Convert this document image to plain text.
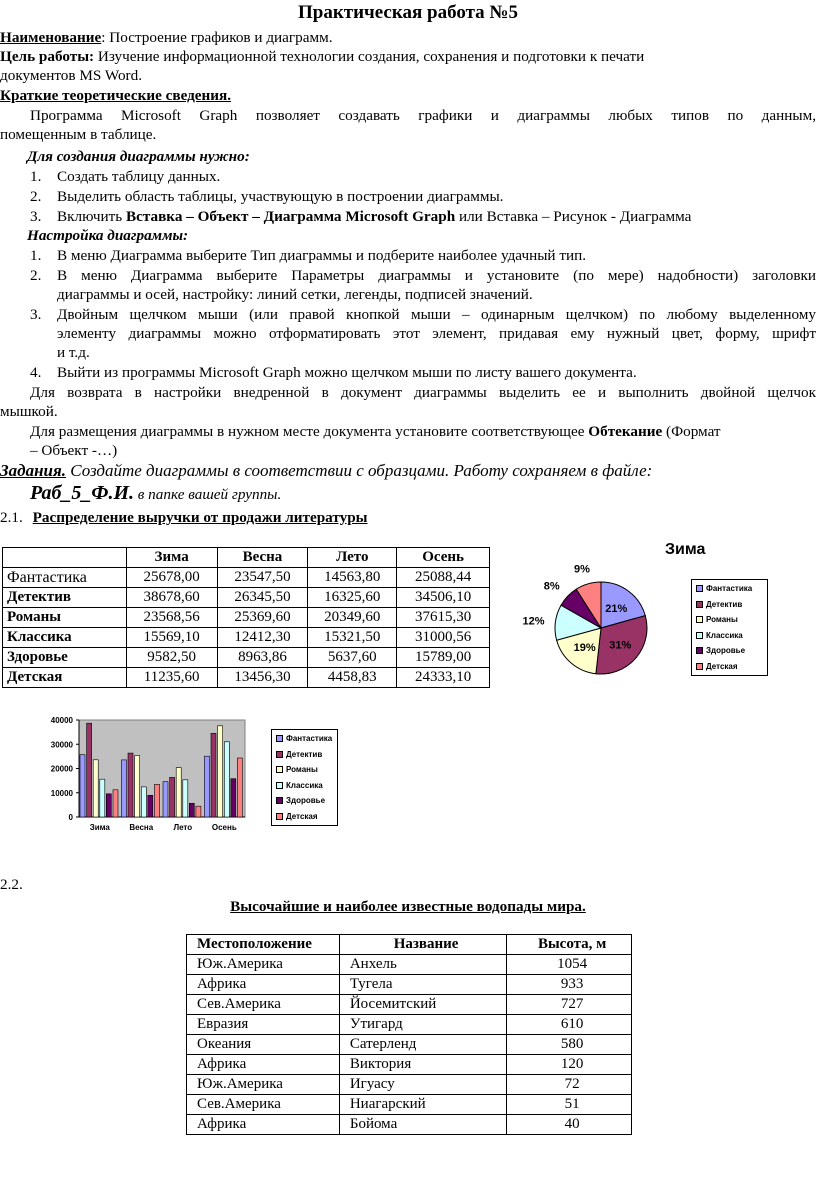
Практическая работа №5
Наименование: Построение графиков и диаграмм.
Цель работы: Изучение информационной технологии создания, сохранения и подготовки к печати
документов MS Word.
Краткие теоретические сведения.
Программа Microsoft Graph позволяет создавать графики и диаграммы любых типов по данным,
помещенным в таблице.
Для создания диаграммы нужно:
1. Создать таблицу данных.
2. Выделить область таблицы, участвующую в построении диаграммы.
3. Включить Вставка – Объект – Диаграмма Microsoft Graph или Вставка – Рисунок - Диаграмма
Настройка диаграммы:
1. В меню Диаграмма выберите Тип диаграммы и подберите наиболее удачный тип.
2. В меню Диаграмма выберите Параметры диаграммы и установите (по мере) надобности) заголовки
диаграммы и осей, настройку: линий сетки, легенды, подписей значений.
3. Двойным щелчком мыши (или правой кнопкой мыши – одинарным щелчком) по любому выделенному
элементу диаграммы можно отформатировать этот элемент, придавая ему нужный цвет, форму, шрифт
и т.д.
4. Выйти из программы Microsoft Graph можно щелчком мыши по листу вашего документа.
Для возврата в настройки внедренной в документ диаграммы выделить ее и выполнить двойной щелчок
мышкой.
Для размещения диаграммы в нужном месте документа установите соответствующее Обтекание (Формат
– Объект -…)
Задания. Создайте диаграммы в соответствии с образцами. Работу сохраняем в файле:
Раб_5_Ф.И. в папке вашей группы.
2.1. Распределение выручки от продажи литературы
	Зима	Весна	Лето	Осень
Фантастика	25678,00	23547,50	14563,80	25088,44
Детектив	38678,60	26345,50	16325,60	34506,10
Романы	23568,56	25369,60	20349,60	37615,30
Классика	15569,10	12412,30	15321,50	31000,56
Здоровье	9582,50	8963,86	5637,60	15789,00
Детская	11235,60	13456,30	4458,83	24333,10
21%
31%
19%
12%
8%
9%
Зима
Фантастика
Детектив
Романы
Классика
Здоровье
Детская
0
10000
20000
30000
40000
Зима Весна	Лето Осень
Фантастика
Детектив
Романы
Классика
Здоровье
Детская
2.2.
Высочайшие и наиболее известные водопады мира.
Местоположение	Название	Высота, м
Юж.Америка	Анхель	1054
Африка	Тугела	933
Сев.Америка	Йосемитский	727
Евразия	Утигард	610
Океания	Сатерленд	580
Африка	Виктория	120
Юж.Америка	Игуасу	72
Сев.Америка	Ниагарский	51
Африка	Бойома	40
